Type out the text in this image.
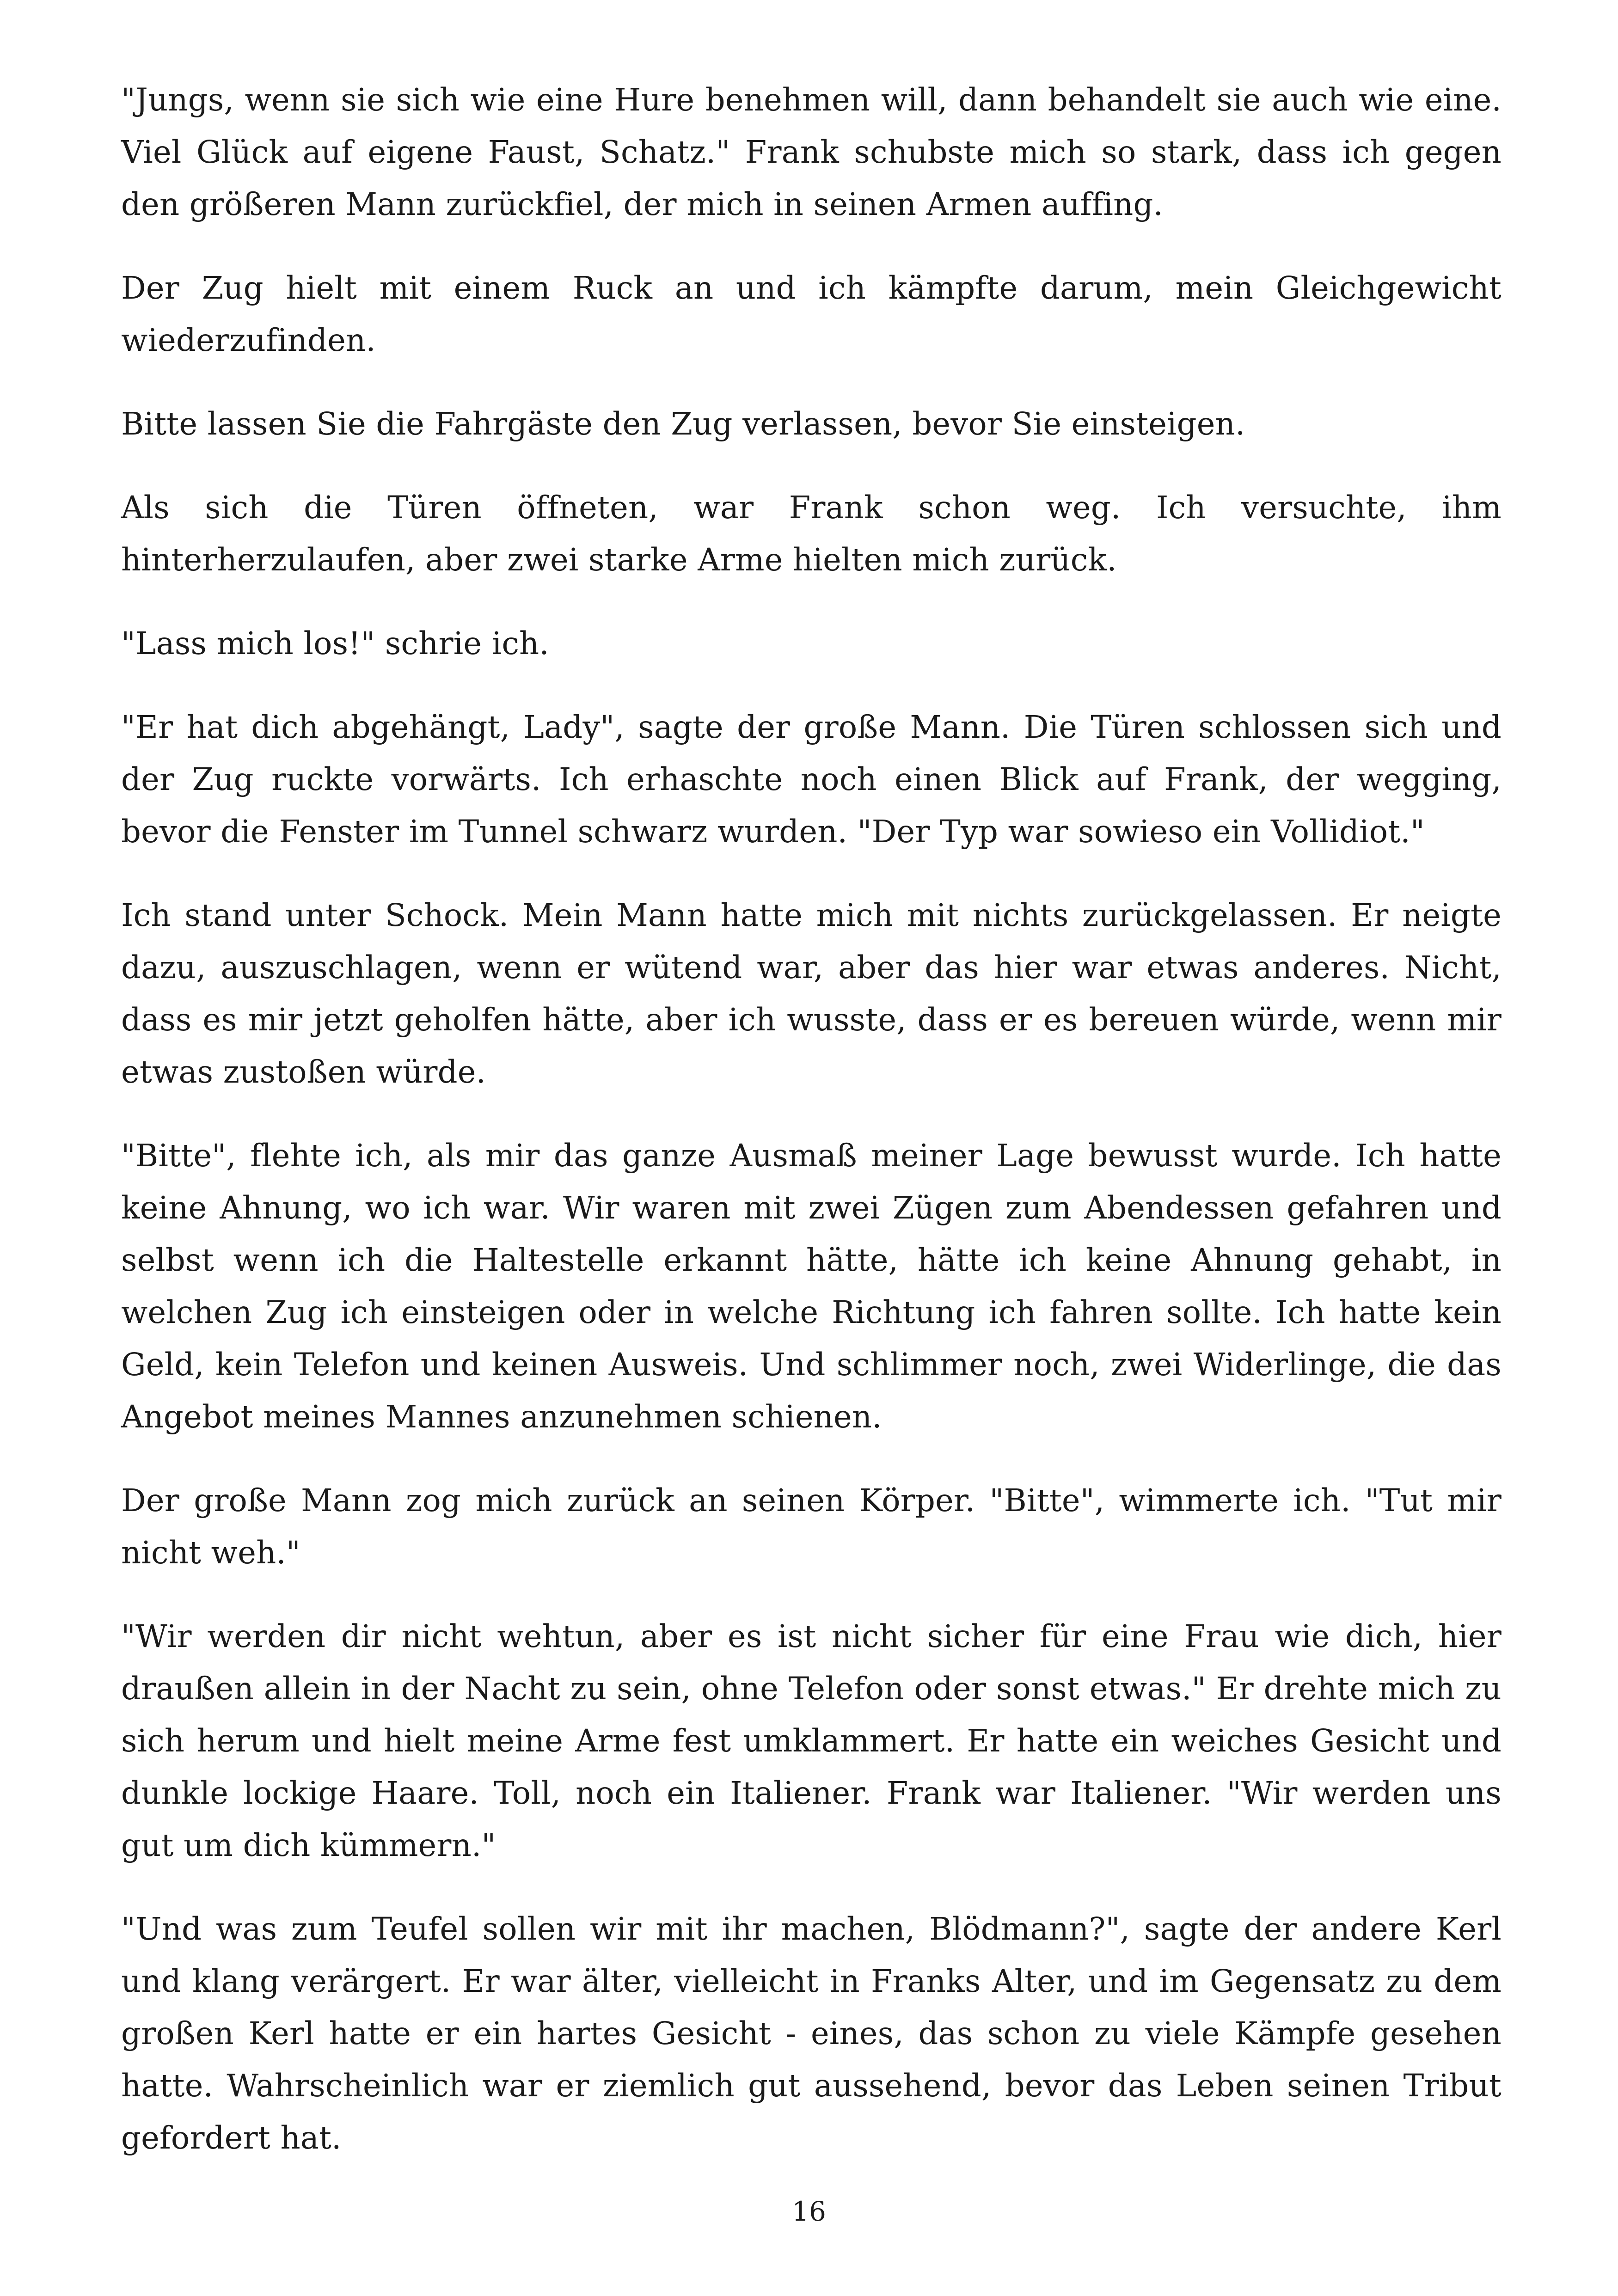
"Jungs, wenn sie sich wie eine Hure benehmen will, dann behandelt sie auch wie eine. Viel Glück auf eigene Faust, Schatz." Frank schubste mich so stark, dass ich gegen den größeren Mann zurückfiel, der mich in seinen Armen auffing.

Der Zug hielt mit einem Ruck an und ich kämpfte darum, mein Gleichgewicht wiederzufinden.

Bitte lassen Sie die Fahrgäste den Zug verlassen, bevor Sie einsteigen.

Als sich die Türen öffneten, war Frank schon weg. Ich versuchte, ihm hinterherzulaufen, aber zwei starke Arme hielten mich zurück.

"Lass mich los!" schrie ich.

"Er hat dich abgehängt, Lady", sagte der große Mann. Die Türen schlossen sich und der Zug ruckte vorwärts. Ich erhaschte noch einen Blick auf Frank, der wegging, bevor die Fenster im Tunnel schwarz wurden. "Der Typ war sowieso ein Vollidiot."

Ich stand unter Schock. Mein Mann hatte mich mit nichts zurückgelassen. Er neigte dazu, auszuschlagen, wenn er wütend war, aber das hier war etwas anderes. Nicht, dass es mir jetzt geholfen hätte, aber ich wusste, dass er es bereuen würde, wenn mir etwas zustoßen würde.

"Bitte", flehte ich, als mir das ganze Ausmaß meiner Lage bewusst wurde. Ich hatte keine Ahnung, wo ich war. Wir waren mit zwei Zügen zum Abendessen gefahren und selbst wenn ich die Haltestelle erkannt hätte, hätte ich keine Ahnung gehabt, in welchen Zug ich einsteigen oder in welche Richtung ich fahren sollte. Ich hatte kein Geld, kein Telefon und keinen Ausweis. Und schlimmer noch, zwei Widerlinge, die das Angebot meines Mannes anzunehmen schienen.

Der große Mann zog mich zurück an seinen Körper. "Bitte", wimmerte ich. "Tut mir nicht weh."

"Wir werden dir nicht wehtun, aber es ist nicht sicher für eine Frau wie dich, hier draußen allein in der Nacht zu sein, ohne Telefon oder sonst etwas." Er drehte mich zu sich herum und hielt meine Arme fest umklammert. Er hatte ein weiches Gesicht und dunkle lockige Haare. Toll, noch ein Italiener. Frank war Italiener. "Wir werden uns gut um dich kümmern."

"Und was zum Teufel sollen wir mit ihr machen, Blödmann?", sagte der andere Kerl und klang verärgert. Er war älter, vielleicht in Franks Alter, und im Gegensatz zu dem großen Kerl hatte er ein hartes Gesicht - eines, das schon zu viele Kämpfe gesehen hatte. Wahrscheinlich war er ziemlich gut aussehend, bevor das Leben seinen Tribut gefordert hat.

16
